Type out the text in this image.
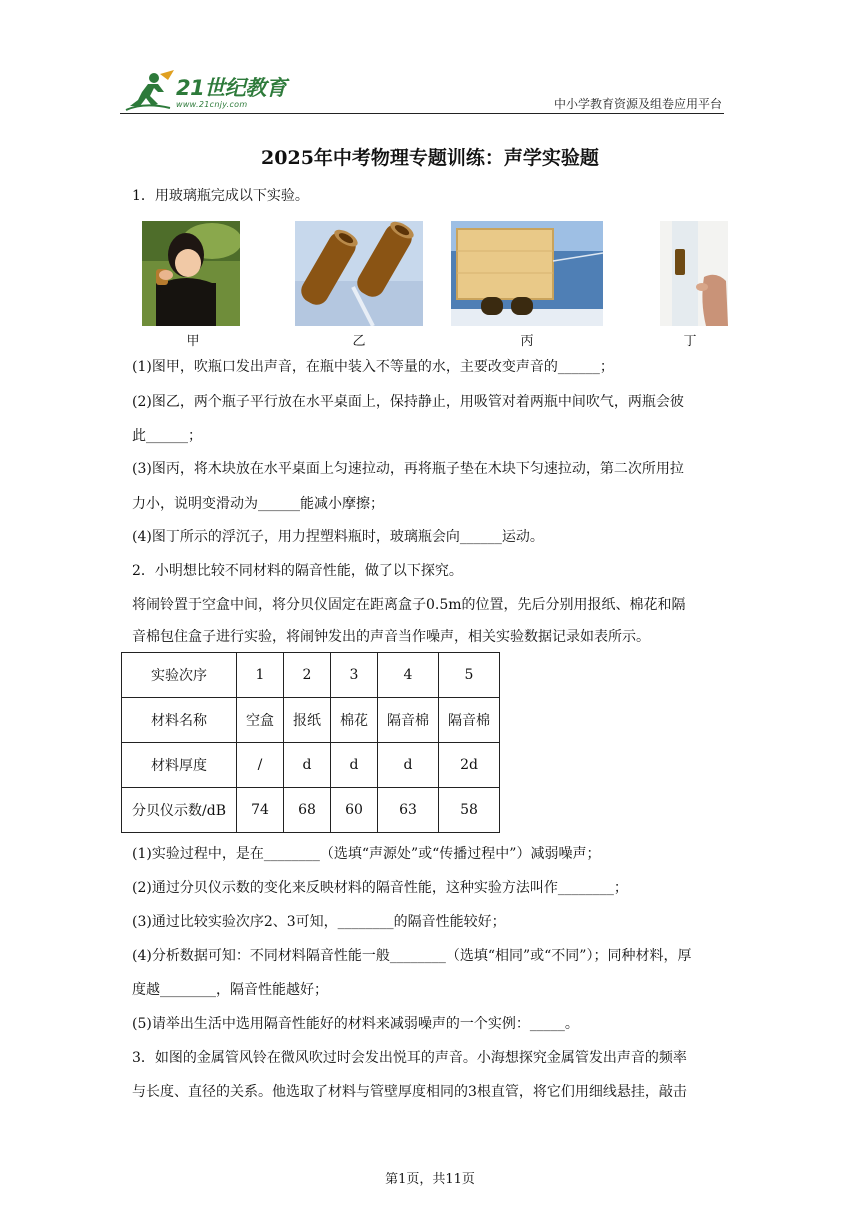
21世纪教育
www.21cnjy.com	中小学教育资源及组卷应用平台
2025年中考物理专题训练：声学实验题
1．用玻璃瓶完成以下实验。
甲	乙	丙	丁
(1)图甲，吹瓶口发出声音，在瓶中装入不等量的水，主要改变声音的______；
(2)图乙，两个瓶子平行放在水平桌面上，保持静止，用吸管对着两瓶中间吹气，两瓶会彼
此______；
(3)图丙，将木块放在水平桌面上匀速拉动，再将瓶子垫在木块下匀速拉动，第二次所用拉
力小，说明变滑动为______能减小摩擦；
(4)图丁所示的浮沉子，用力捏塑料瓶时，玻璃瓶会向______运动。
2．小明想比较不同材料的隔音性能，做了以下探究。
将闹铃置于空盒中间，将分贝仪固定在距离盒子0.5m的位置，先后分别用报纸、棉花和隔
音棉包住盒子进行实验，将闹钟发出的声音当作噪声，相关实验数据记录如表所示。
实验次序	1	2	3	4	5
材料名称	空盒	报纸	棉花	隔音棉	隔音棉
材料厚度	/	d	d	d	2d
分贝仪示数/dB	74	68	60	63	58
(1)实验过程中，是在________（选填“声源处”或“传播过程中”）减弱噪声；
(2)通过分贝仪示数的变化来反映材料的隔音性能，这种实验方法叫作________；
(3)通过比较实验次序2、3可知，________的隔音性能较好；
(4)分析数据可知：不同材料隔音性能一般________（选填“相同”或“不同”）；同种材料，厚
度越________，隔音性能越好；
(5)请举出生活中选用隔音性能好的材料来减弱噪声的一个实例：_____。
3．如图的金属管风铃在微风吹过时会发出悦耳的声音。小海想探究金属管发出声音的频率
与长度、直径的关系。他选取了材料与管壁厚度相同的3根直管，将它们用细线悬挂，敲击
第1页，共11页
